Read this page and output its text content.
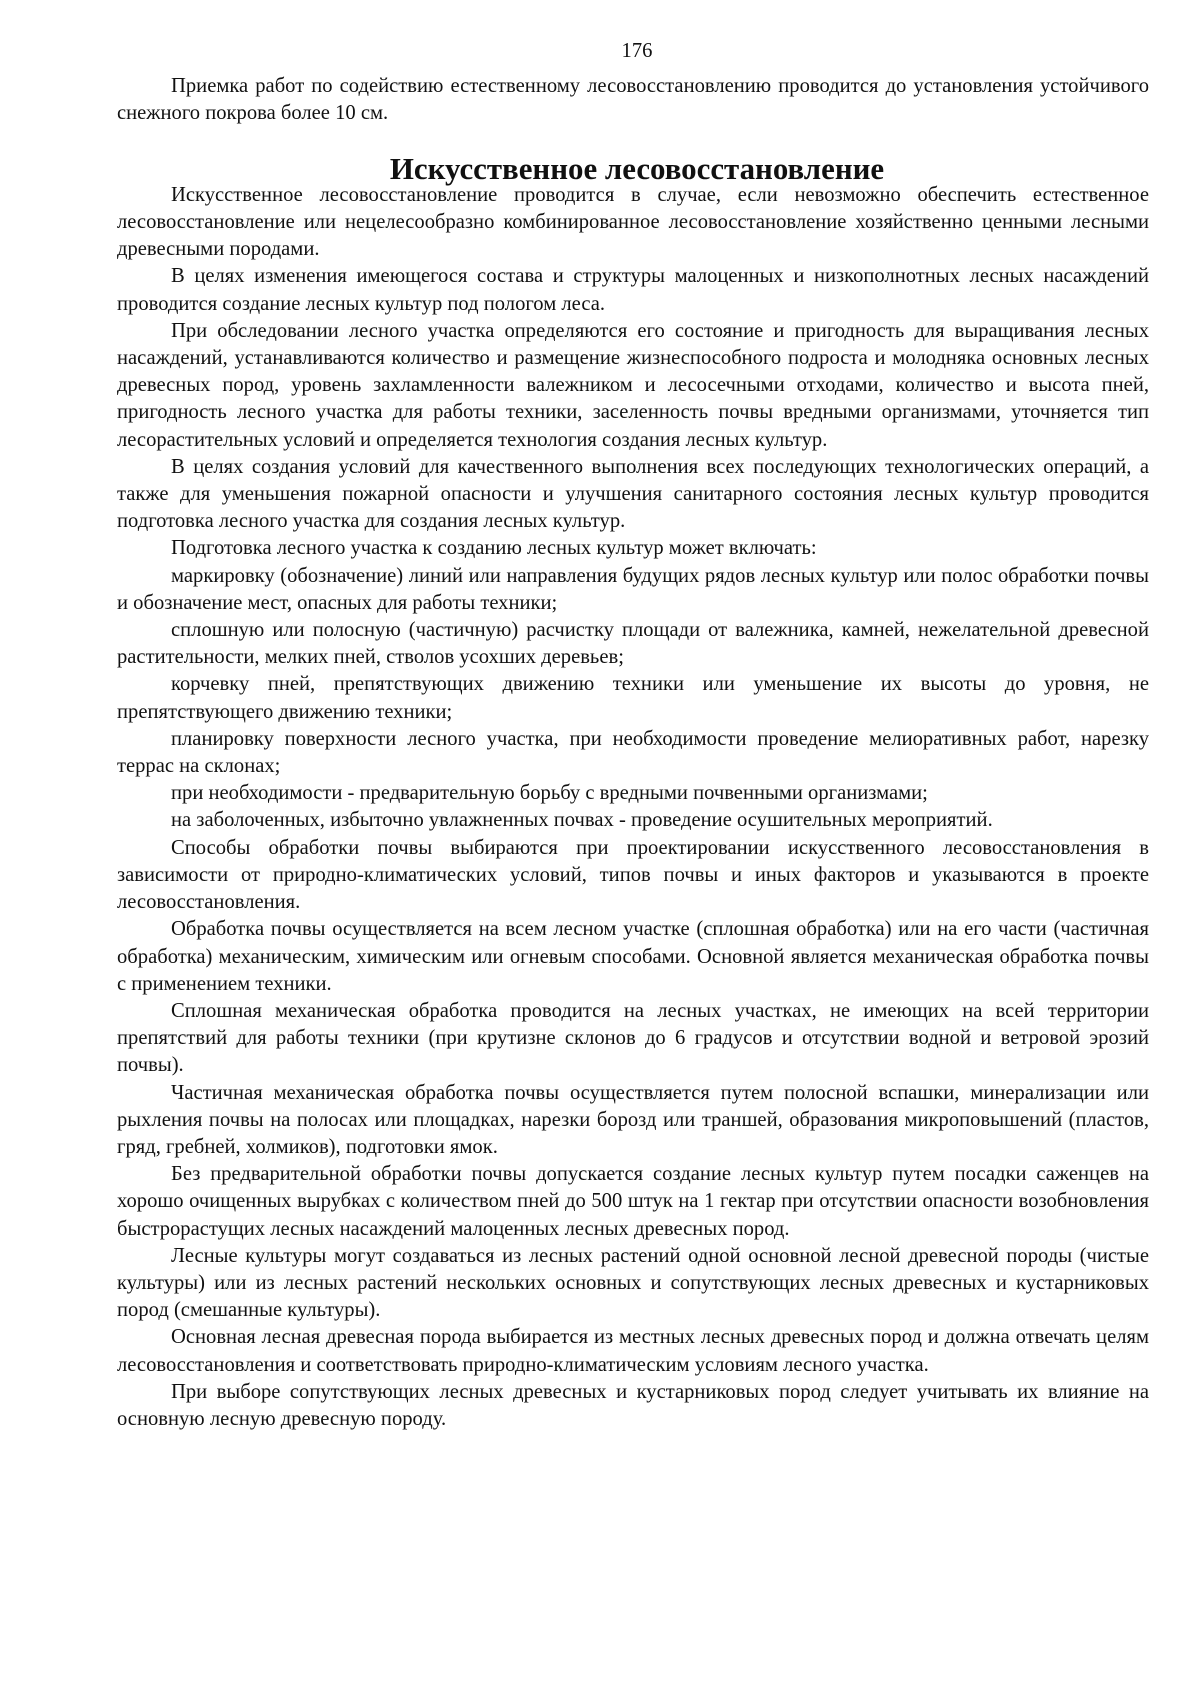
176

Приемка работ по содействию естественному лесовосстановлению проводится до установления устойчивого снежного покрова более 10 см.

Искусственное лесовосстановление

Искусственное лесовосстановление проводится в случае, если невозможно обеспечить естественное лесовосстановление или нецелесообразно комбинированное лесовосстановление хозяйственно ценными лесными древесными породами.

В целях изменения имеющегося состава и структуры малоценных и низкополнотных лесных насаждений проводится создание лесных культур под пологом леса.

При обследовании лесного участка определяются его состояние и пригодность для выращивания лесных насаждений, устанавливаются количество и размещение жизнеспособного подроста и молодняка основных лесных древесных пород, уровень захламленности валежником и лесосечными отходами, количество и высота пней, пригодность лесного участка для работы техники, заселенность почвы вредными организмами, уточняется тип лесорастительных условий и определяется технология создания лесных культур.

В целях создания условий для качественного выполнения всех последующих технологических операций, а также для уменьшения пожарной опасности и улучшения санитарного состояния лесных культур проводится подготовка лесного участка для создания лесных культур.

Подготовка лесного участка к созданию лесных культур может включать:

маркировку (обозначение) линий или направления будущих рядов лесных культур или полос обработки почвы и обозначение мест, опасных для работы техники;

сплошную или полосную (частичную) расчистку площади от валежника, камней, нежелательной древесной растительности, мелких пней, стволов усохших деревьев;

корчевку пней, препятствующих движению техники или уменьшение их высоты до уровня, не препятствующего движению техники;

планировку поверхности лесного участка, при необходимости проведение мелиоративных работ, нарезку террас на склонах;

при необходимости - предварительную борьбу с вредными почвенными организмами;

на заболоченных, избыточно увлажненных почвах - проведение осушительных мероприятий.

Способы обработки почвы выбираются при проектировании искусственного лесовосстановления в зависимости от природно-климатических условий, типов почвы и иных факторов и указываются в проекте лесовосстановления.

Обработка почвы осуществляется на всем лесном участке (сплошная обработка) или на его части (частичная обработка) механическим, химическим или огневым способами. Основной является механическая обработка почвы с применением техники.

Сплошная механическая обработка проводится на лесных участках, не имеющих на всей территории препятствий для работы техники (при крутизне склонов до 6 градусов и отсутствии водной и ветровой эрозий почвы).

Частичная механическая обработка почвы осуществляется путем полосной вспашки, минерализации или рыхления почвы на полосах или площадках, нарезки борозд или траншей, образования микроповышений (пластов, гряд, гребней, холмиков), подготовки ямок.

Без предварительной обработки почвы допускается создание лесных культур путем посадки саженцев на хорошо очищенных вырубках с количеством пней до 500 штук на 1 гектар при отсутствии опасности возобновления быстрорастущих лесных насаждений малоценных лесных древесных пород.

Лесные культуры могут создаваться из лесных растений одной основной лесной древесной породы (чистые культуры) или из лесных растений нескольких основных и сопутствующих лесных древесных и кустарниковых пород (смешанные культуры).

Основная лесная древесная порода выбирается из местных лесных древесных пород и должна отвечать целям лесовосстановления и соответствовать природно-климатическим условиям лесного участка.

При выборе сопутствующих лесных древесных и кустарниковых пород следует учитывать их влияние на основную лесную древесную породу.
